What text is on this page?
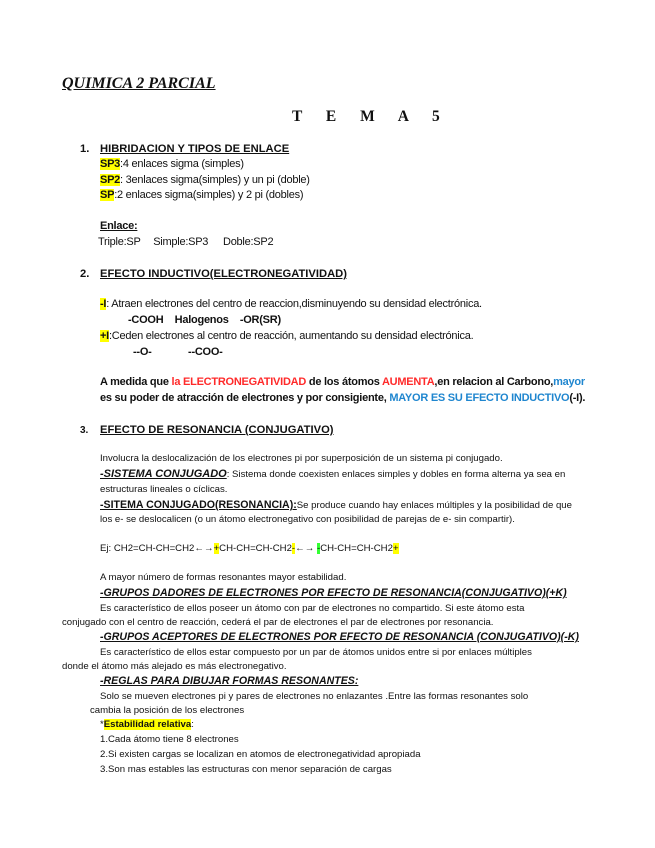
QUIMICA 2 PARCIAL
T E M A 5
1. HIBRIDACION Y TIPOS DE ENLACE
SP3:4 enlaces sigma (simples)
SP2: 3enlaces sigma(simples) y un pi (doble)
SP:2 enlaces sigma(simples) y 2 pi (dobles)
Enlace:
Triple:SP Simple:SP3 Doble:SP2
2. EFECTO INDUCTIVO(ELECTRONEGATIVIDAD)
-I: Atraen electrones del centro de reaccion,disminuyendo su densidad electrónica.
-COOH    Halogenos    -OR(SR)
+I:Ceden electrones al centro de reacción, aumentando su densidad electrónica.
--O-             --COO-
A medida que la ELECTRONEGATIVIDAD de los átomos AUMENTA,en relacion al Carbono,mayor
es su poder de atracción de electrones y por consigiente, MAYOR ES SU EFECTO INDUCTIVO(-I).
3. EFECTO DE RESONANCIA (CONJUGATIVO)
Involucra la deslocalización de los electrones pi por superposición de un sistema pi conjugado.
-SISTEMA CONJUGADO: Sistema donde coexisten enlaces simples y dobles en forma alterna ya sea en
estructuras lineales o cíclicas.
-SITEMA CONJUGADO(RESONANCIA):Se produce cuando hay enlaces múltiples y la posibilidad de que
los e- se deslocalicen (o un átomo electronegativo con posibilidad de parejas de e- sin compartir).
Ej: CH2=CH-CH=CH2←→+CH-CH=CH-CH2-←→ -CH-CH=CH-CH2+
A mayor número de formas resonantes mayor estabilidad.
-GRUPOS DADORES DE ELECTRONES POR EFECTO DE RESONANCIA(CONJUGATIVO)(+K)
Es característico de ellos poseer un átomo con par de electrones no compartido. Si este átomo esta
conjugado con el centro de reacción, cederá el par de electrones el par de electrones por resonancia.
-GRUPOS ACEPTORES DE ELECTRONES POR EFECTO DE RESONANCIA (CONJUGATIVO)(-K)
Es característico de ellos estar compuesto por un par de átomos unidos entre si por enlaces múltiples
donde el átomo más alejado es más electronegativo.
-REGLAS PARA DIBUJAR FORMAS RESONANTES:
Solo se mueven electrones pi y pares de electrones no enlazantes .Entre las formas resonantes solo
cambia la posición de los electrones
*Estabilidad relativa:
1.Cada átomo tiene 8 electrones
2.Si existen cargas se localizan en atomos de electronegatividad apropiada
3.Son mas estables las estructuras con menor separación de cargas
